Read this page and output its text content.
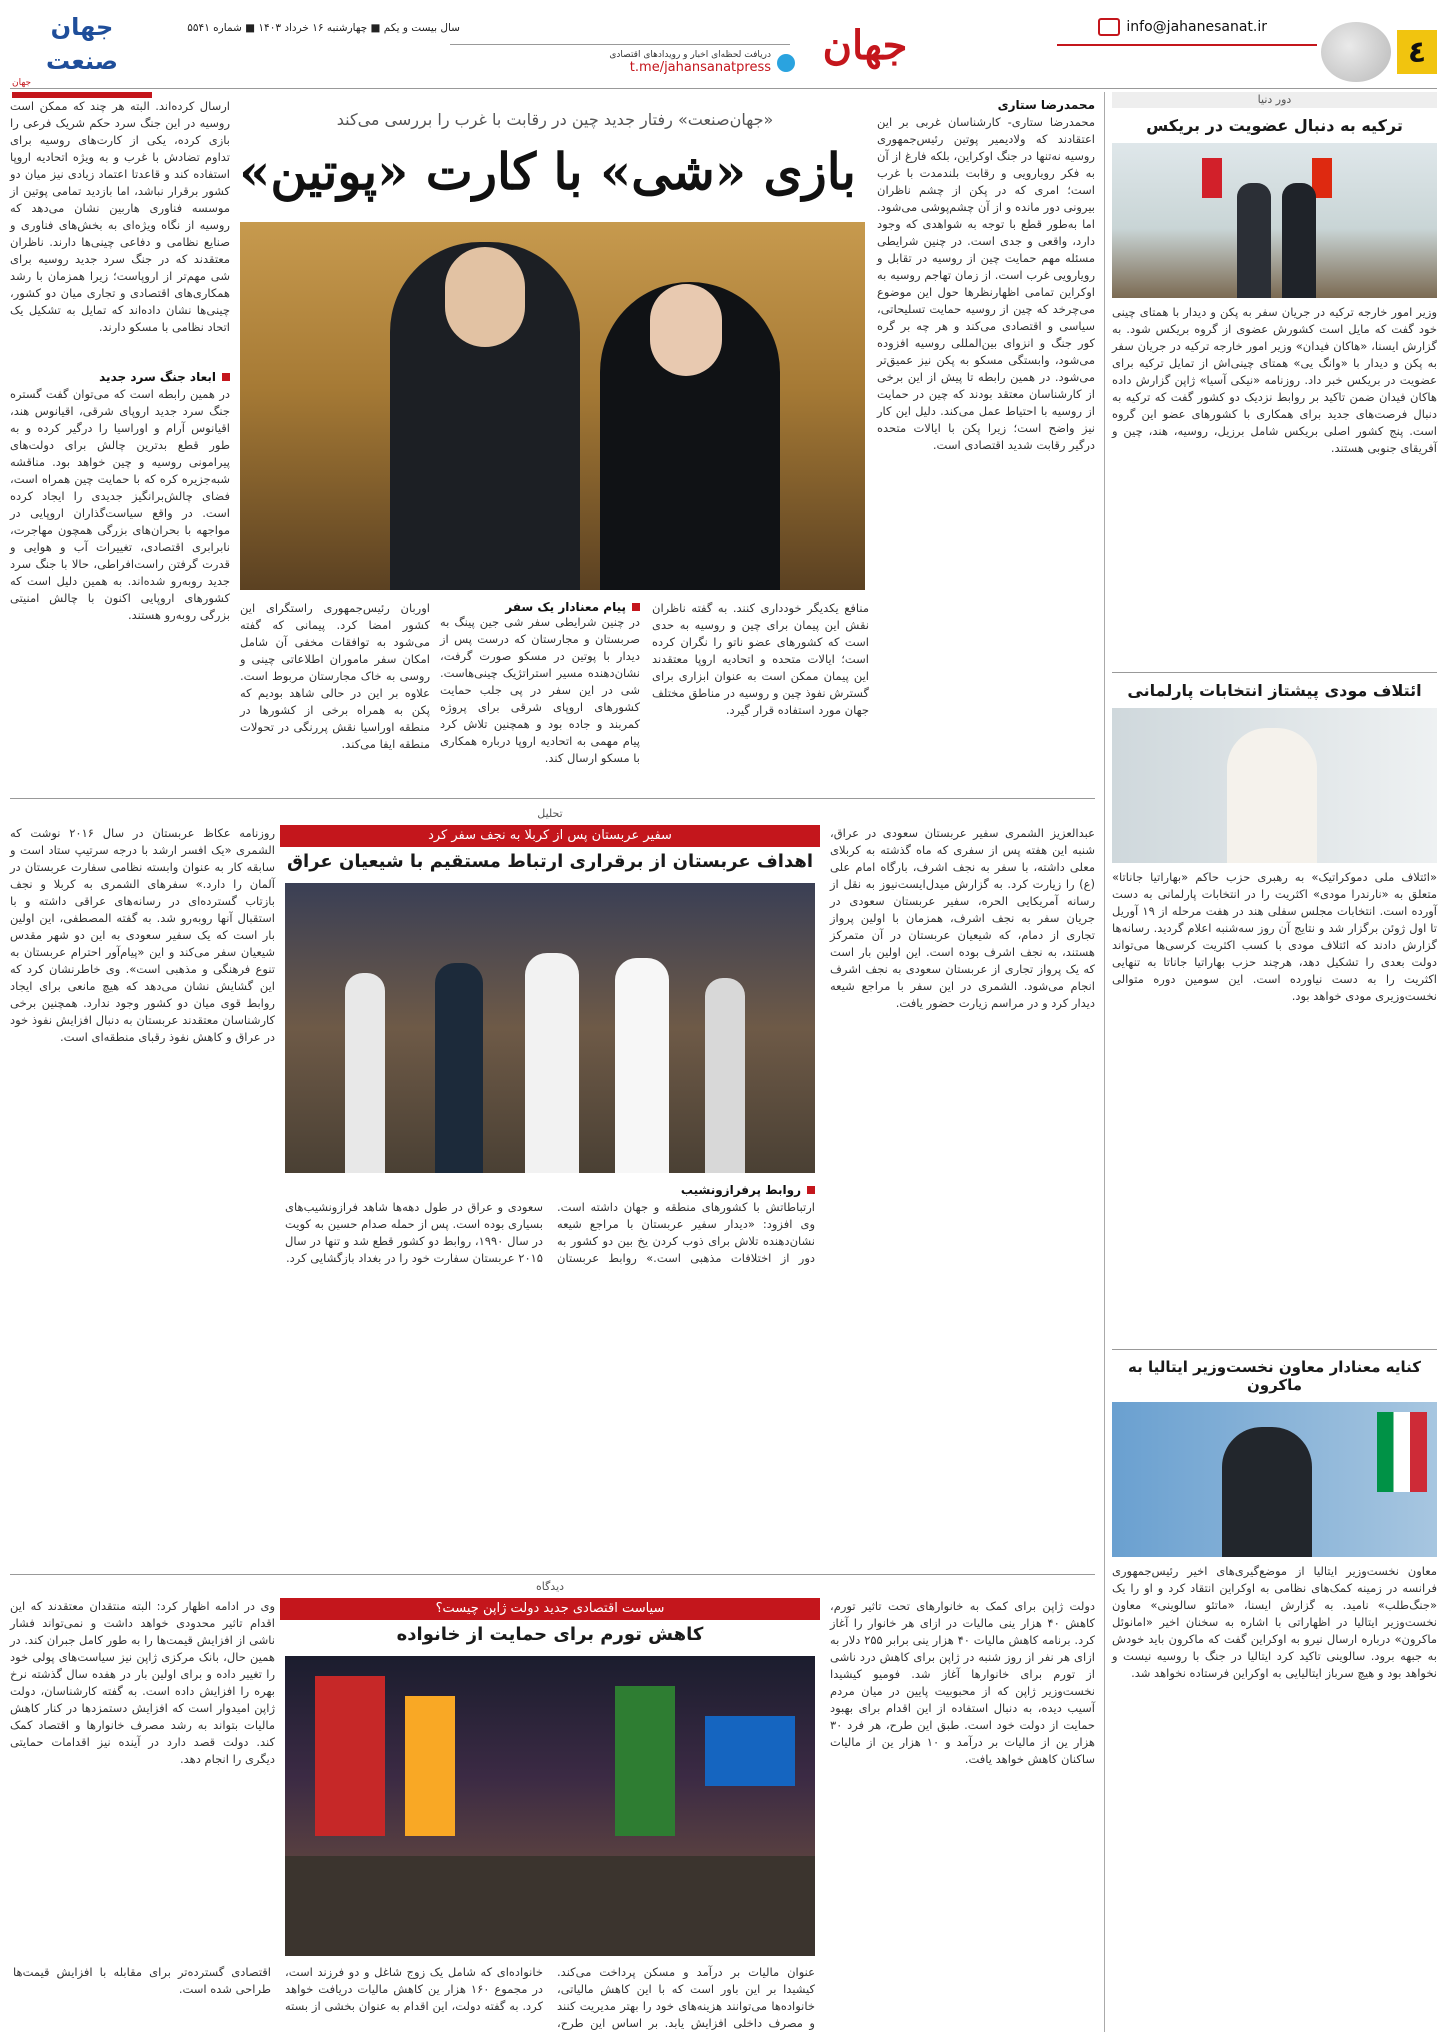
٤
info@jahanesanat.ir
جهان
دریافت لحظه‌ای اخبار و رویدادهای اقتصادی
t.me/jahansanatpress
سال بیست و یکم ■ چهارشنبه ۱۶ خرداد ۱۴۰۳ ■ شماره ۵۵۴۱
جهان صنعت
جهان
دور دنیا
ترکیه به دنبال عضویت در بریکس
وزیر امور خارجه ترکیه در جریان سفر به پکن و دیدار با همتای چینی خود گفت که مایل است کشورش عضوی از گروه بریکس شود. به گزارش ایسنا، «هاکان فیدان» وزیر امور خارجه ترکیه در جریان سفر به پکن و دیدار با «وانگ یی» همتای چینی‌اش از تمایل ترکیه برای عضویت در بریکس خبر داد. روزنامه «نیکی آسیا» ژاپن گزارش داده هاکان فیدان ضمن تاکید بر روابط نزدیک دو کشور گفت که ترکیه به دنبال فرصت‌های جدید برای همکاری با کشورهای عضو این گروه است. پنج کشور اصلی بریکس شامل برزیل، روسیه، هند، چین و آفریقای جنوبی هستند.
ائتلاف مودی پیشتاز انتخابات پارلمانی
«ائتلاف ملی دموکراتیک» به رهبری حزب حاکم «بهاراتیا جاناتا» متعلق به «نارندرا مودی» اکثریت را در انتخابات پارلمانی به دست آورده است. انتخابات مجلس سفلی هند در هفت مرحله از ۱۹ آوریل تا اول ژوئن برگزار شد و نتایج آن روز سه‌شنبه اعلام گردید. رسانه‌ها گزارش دادند که ائتلاف مودی با کسب اکثریت کرسی‌ها می‌تواند دولت بعدی را تشکیل دهد، هرچند حزب بهاراتیا جاناتا به تنهایی اکثریت را به دست نیاورده است. این سومین دوره متوالی نخست‌وزیری مودی خواهد بود.
کنایه معنادار معاون نخست‌وزیر ایتالیا به ماکرون
معاون نخست‌وزیر ایتالیا از موضع‌گیری‌های اخیر رئیس‌جمهوری فرانسه در زمینه کمک‌های نظامی به اوکراین انتقاد کرد و او را یک «جنگ‌طلب» نامید. به گزارش ایسنا، «ماتئو سالوینی» معاون نخست‌وزیر ایتالیا در اظهاراتی با اشاره به سخنان اخیر «امانوئل ماکرون» درباره ارسال نیرو به اوکراین گفت که ماکرون باید خودش به جبهه برود. سالوینی تاکید کرد ایتالیا در جنگ با روسیه نیست و نخواهد بود و هیچ سرباز ایتالیایی به اوکراین فرستاده نخواهد شد.
«جهان‌صنعت» رفتار جدید چین در رقابت با غرب را بررسی می‌کند
بازی «شی» با کارت «پوتین»
محمدرضا ستاری
محمدرضا ستاری- کارشناسان غربی بر این اعتقادند که ولادیمیر پوتین رئیس‌جمهوری روسیه نه‌تنها در جنگ اوکراین، بلکه فارغ از آن به فکر رویارویی و رقابت بلندمدت با غرب است؛ امری که در پکن از چشم ناظران بیرونی دور مانده و از آن چشم‌پوشی می‌شود. اما به‌طور قطع با توجه به شواهدی که وجود دارد، واقعی و جدی است. در چنین شرایطی مسئله مهم حمایت چین از روسیه در تقابل و رویارویی غرب است. از زمان تهاجم روسیه به اوکراین تمامی اظهارنظرها حول این موضوع می‌چرخد که چین از روسیه حمایت تسلیحاتی، سیاسی و اقتصادی می‌کند و هر چه بر گره کور جنگ و انزوای بین‌المللی روسیه افزوده می‌شود، وابستگی مسکو به پکن نیز عمیق‌تر می‌شود. در همین رابطه تا پیش از این برخی از کارشناسان معتقد بودند که چین در حمایت از روسیه با احتیاط عمل می‌کند. دلیل این کار نیز واضح است؛ زیرا پکن با ایالات متحده درگیر رقابت شدید اقتصادی است.
ارسال کرده‌اند. البته هر چند که ممکن است روسیه در این جنگ سرد حکم شریک فرعی را بازی کرده، یکی از کارت‌های روسیه برای تداوم تضادش با غرب و به ویژه اتحادیه اروپا استفاده کند و قاعدتا اعتماد زیادی نیز میان دو کشور برقرار نباشد، اما بازدید تمامی پوتین از موسسه فناوری هاربین نشان می‌دهد که روسیه از نگاه ویژه‌ای به بخش‌های فناوری و صنایع نظامی و دفاعی چینی‌ها دارند. ناظران معتقدند که در جنگ سرد جدید روسیه برای شی مهم‌تر از اروپاست؛ زیرا همزمان با رشد همکاری‌های اقتصادی و تجاری میان دو کشور، چینی‌ها نشان داده‌اند که تمایل به تشکیل یک اتحاد نظامی با مسکو دارند.
ابعاد جنگ سرد جدید
در همین رابطه است که می‌توان گفت گستره جنگ سرد جدید اروپای شرقی، اقیانوس هند، اقیانوس آرام و اوراسیا را درگیر کرده و به طور قطع بدترین چالش برای دولت‌های پیرامونی روسیه و چین خواهد بود. مناقشه شبه‌جزیره کره که با حمایت چین همراه است، فضای چالش‌برانگیز جدیدی را ایجاد کرده است. در واقع سیاست‌گذاران اروپایی در مواجهه با بحران‌های بزرگی همچون مهاجرت، نابرابری اقتصادی، تغییرات آب و هوایی و قدرت گرفتن راست‌افراطی، حالا با جنگ سرد جدید روبه‌رو شده‌اند. به همین دلیل است که کشورهای اروپایی اکنون با چالش امنیتی بزرگی روبه‌رو هستند.	منافع یکدیگر خودداری کنند. به گفته ناظران نقش این پیمان برای چین و روسیه به حدی است که کشورهای عضو ناتو را نگران کرده است؛ ایالات متحده و اتحادیه اروپا معتقدند این پیمان ممکن است به عنوان ابزاری برای گسترش نفوذ چین و روسیه در مناطق مختلف جهان مورد استفاده قرار گیرد.
پیام معنادار یک سفر
در چنین شرایطی سفر شی جین پینگ به صربستان و مجارستان که درست پس از دیدار با پوتین در مسکو صورت گرفت، نشان‌دهنده مسیر استراتژیک چینی‌هاست. شی در این سفر در پی جلب حمایت کشورهای اروپای شرقی برای پروژه کمربند و جاده بود و همچنین تلاش کرد پیام مهمی به اتحادیه اروپا درباره همکاری با مسکو ارسال کند.
اوربان رئیس‌جمهوری راستگرای این کشور امضا کرد. پیمانی که گفته می‌شود به توافقات مخفی آن شامل امکان سفر ماموران اطلاعاتی چینی و روسی به خاک مجارستان مربوط است. علاوه بر این در حالی شاهد بودیم که پکن به همراه برخی از کشورها در منطقه اوراسیا نقش پررنگی در تحولات منطقه ایفا می‌کند.
تحلیل
سفیر عربستان پس از کربلا به نجف سفر کرد
اهداف عربستان از برقراری ارتباط مستقیم با شیعیان عراق
عبدالعزیز الشمری سفیر عربستان سعودی در عراق، شنبه این هفته پس از سفری که ماه گذشته به کربلای معلی داشته، با سفر به نجف اشرف، بارگاه امام علی (ع) را زیارت کرد. به گزارش میدل‌ایست‌نیوز به نقل از رسانه آمریکایی الحره، سفیر عربستان سعودی در جریان سفر به نجف اشرف، همزمان با اولین پرواز تجاری از دمام، که شیعیان عربستان در آن متمرکز هستند، به نجف اشرف بوده است. این اولین بار است که یک پرواز تجاری از عربستان سعودی به نجف اشرف انجام می‌شود. الشمری در این سفر با مراجع شیعه دیدار کرد و در مراسم زیارت حضور یافت.
روابط پرفرازونشیب
ارتباطاتش با کشورهای منطقه و جهان داشته است. وی افزود: «دیدار سفیر عربستان با مراجع شیعه نشان‌دهنده تلاش برای ذوب کردن یخ بین دو کشور به دور از اختلافات مذهبی است.» روابط عربستان سعودی و عراق در طول دهه‌ها شاهد فرازونشیب‌های بسیاری بوده است. پس از حمله صدام حسین به کویت در سال ۱۹۹۰، روابط دو کشور قطع شد و تنها در سال ۲۰۱۵ عربستان سفارت خود را در بغداد بازگشایی کرد.
روزنامه عکاظ عربستان در سال ۲۰۱۶ نوشت که الشمری «یک افسر ارشد با درجه سرتیپ ستاد است و سابقه کار به عنوان وابسته نظامی سفارت عربستان در آلمان را دارد.» سفرهای الشمری به کربلا و نجف بازتاب گسترده‌ای در رسانه‌های عراقی داشته و با استقبال آنها روبه‌رو شد. به گفته المصطفی، این اولین بار است که یک سفیر سعودی به این دو شهر مقدس شیعیان سفر می‌کند و این «پیام‌آور احترام عربستان به تنوع فرهنگی و مذهبی است». وی خاطرنشان کرد که این گشایش نشان می‌دهد که هیچ مانعی برای ایجاد روابط قوی میان دو کشور وجود ندارد. همچنین برخی کارشناسان معتقدند عربستان به دنبال افزایش نفوذ خود در عراق و کاهش نفوذ رقبای منطقه‌ای است.
دیدگاه
سیاست اقتصادی جدید دولت ژاپن چیست؟
کاهش تورم برای حمایت از خانواده
دولت ژاپن برای کمک به خانوارهای تحت تاثیر تورم، کاهش ۴۰ هزار ینی مالیات در ازای هر خانوار را آغاز کرد. برنامه کاهش مالیات ۴۰ هزار ینی برابر ۲۵۵ دلار به ازای هر نفر از روز شنبه در ژاپن برای کاهش درد ناشی از تورم برای خانوارها آغاز شد. فومیو کیشیدا نخست‌وزیر ژاپن که از محبوبیت پایین در میان مردم آسیب دیده، به دنبال استفاده از این اقدام برای بهبود حمایت از دولت خود است. طبق این طرح، هر فرد ۳۰ هزار ین از مالیات بر درآمد و ۱۰ هزار ین از مالیات ساکنان کاهش خواهد یافت.
عنوان مالیات بر درآمد و مسکن پرداخت می‌کند. کیشیدا بر این باور است که با این کاهش مالیاتی، خانواده‌ها می‌توانند هزینه‌های خود را بهتر مدیریت کنند و مصرف داخلی افزایش یابد. بر اساس این طرح، خانواده‌ای که شامل یک زوج شاغل و دو فرزند است، در مجموع ۱۶۰ هزار ین کاهش مالیات دریافت خواهد کرد. به گفته دولت، این اقدام به عنوان بخشی از بسته اقتصادی گسترده‌تر برای مقابله با افزایش قیمت‌ها طراحی شده است.
وی در ادامه اظهار کرد: البته منتقدان معتقدند که این اقدام تاثیر محدودی خواهد داشت و نمی‌تواند فشار ناشی از افزایش قیمت‌ها را به طور کامل جبران کند. در همین حال، بانک مرکزی ژاپن نیز سیاست‌های پولی خود را تغییر داده و برای اولین بار در هفده سال گذشته نرخ بهره را افزایش داده است. به گفته کارشناسان، دولت ژاپن امیدوار است که افزایش دستمزدها در کنار کاهش مالیات بتواند به رشد مصرف خانوارها و اقتصاد کمک کند. دولت قصد دارد در آینده نیز اقدامات حمایتی دیگری را انجام دهد.
